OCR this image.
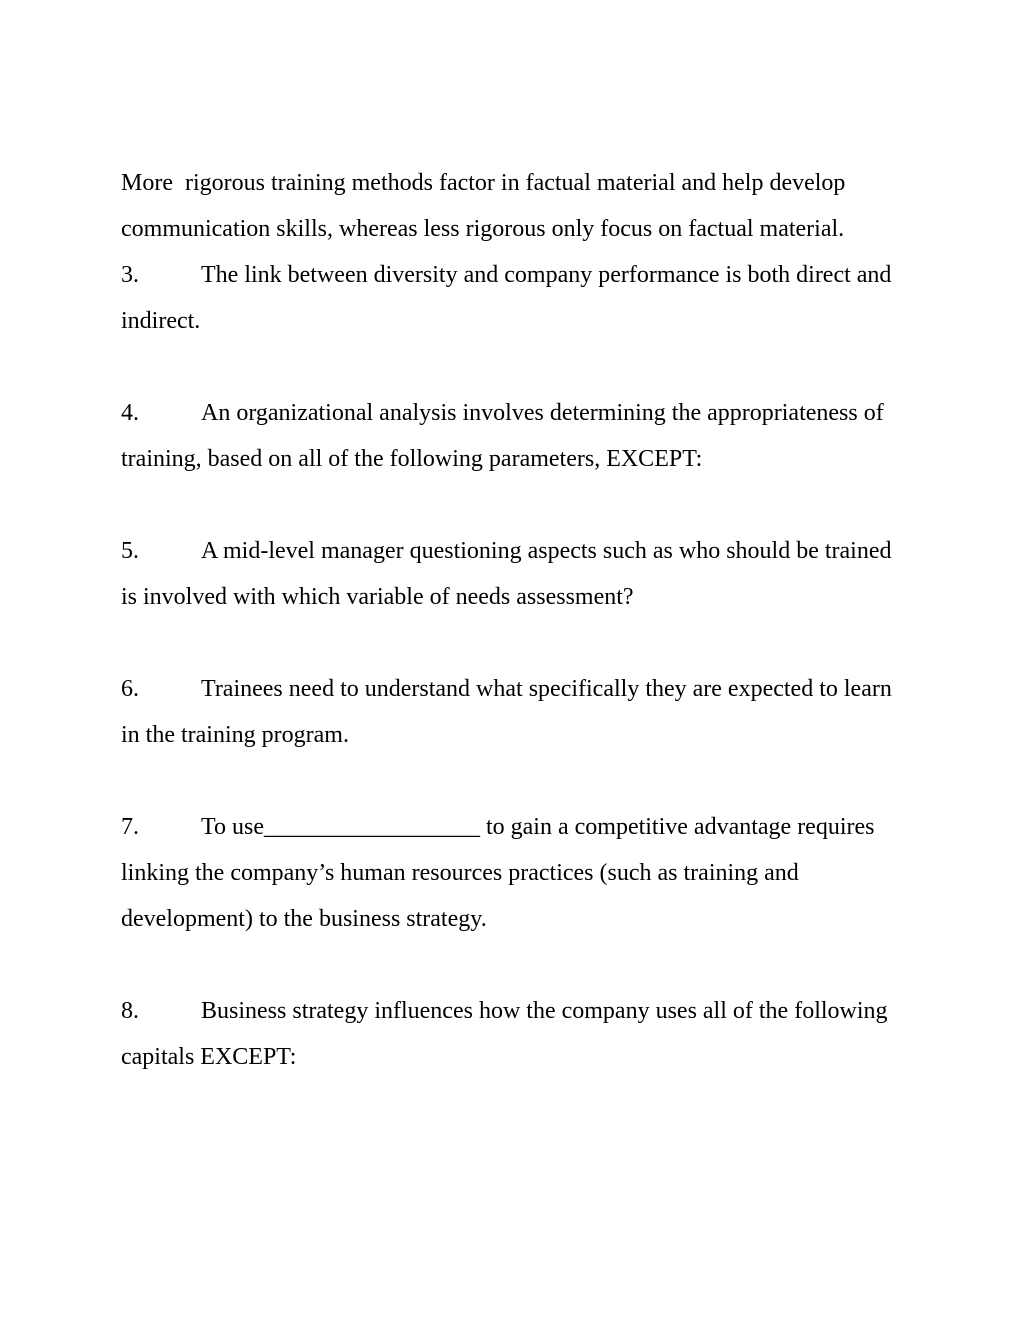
More  rigorous training methods factor in factual material and help develop communication skills, whereas less rigorous only focus on factual material.

3.	The link between diversity and company performance is both direct and indirect.
4.	An organizational analysis involves determining the appropriateness of training, based on all of the following parameters, EXCEPT:
5.	A mid-level manager questioning aspects such as who should be trained is involved with which variable of needs assessment?
6.	Trainees need to understand what specifically they are expected to learn in the training program.
7.	To use__________________ to gain a competitive advantage requires linking the company’s human resources practices (such as training and development) to the business strategy.
8.	Business strategy influences how the company uses all of the following capitals EXCEPT:
